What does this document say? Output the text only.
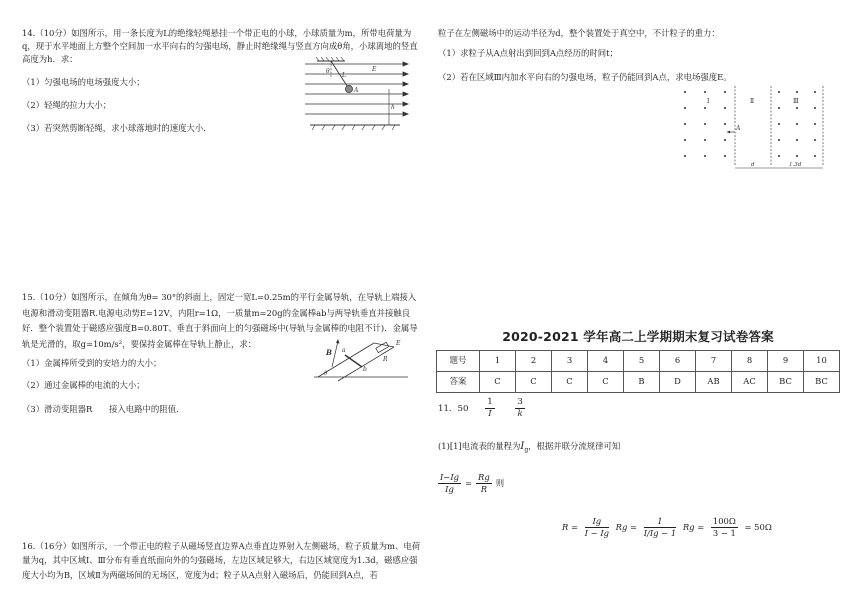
14.（10分）如图所示，用一条长度为L的绝缘轻绳悬挂一个带正电的小球，小球质量为m，所带电荷量为q，现于水平地面上方整个空间加一水平向右的匀强电场，静止时绝缘绳与竖直方向成θ角，小球离地的竖直高度为h．求：

（1）匀强电场的电场强度大小；

（2）轻绳的拉力大小；

（3）若突然剪断轻绳，求小球落地时的速度大小．

θ
L
E
A
h

15.（10分）如图所示，在倾角为θ= 30°的斜面上，固定一宽L=0.25m的平行金属导轨，在导轨上端接入电源和滑动变阻器R.电源电动势E=12V，内阻r=1Ω，一质量m=20g的金属棒ab与两导轨垂直并接触良好．整个装置处于磁感应强度B=0.80T、垂直于斜面向上的匀强磁场中(导轨与金属棒的电阻不计)．金属导轨是光滑的，取g=10m/s²，要保持金属棒在导轨上静止，求：

（1）金属棒所受到的安培力的大小；

（2）通过金属棒的电流的大小；

（3）滑动变阻器R　　接入电路中的阻值．

B a
b
E
R
θ

16.（16分）如图所示，一个带正电的粒子从磁场竖直边界A点垂直边界射入左侧磁场，粒子质量为m、电荷量为q，其中区域Ⅰ、Ⅲ分布有垂直纸面向外的匀强磁场，左边区域足够大，右边区域宽度为1.3d，磁感应强度大小均为B，区域Ⅱ为两磁场间的无场区，宽度为d；粒子从A点射入磁场后，仍能回到A点，若

粒子在左侧磁场中的运动半径为d，整个装置处于真空中，不计粒子的重力：

（1）求粒子从A点射出到回到A点经历的时间t；

（2）若在区域Ⅲ内加水平向右的匀强电场，粒子仍能回到A点，求电场强度E。

Ⅰ	Ⅱ	Ⅲ
A
d	1.3d
2020-2021 学年高二上学期期末复习试卷答案
题号	1	2	3	4	5	6	7	8	9	10
答案	C	C	C	C	B	D	AB	AC	BC	BC
11．$50 \frac{1}{I}$
$\frac{3}{k}$
(1)[1]电流表的量程为$I_g$，根据并联分流规律可知
$\frac{I-Ig}{Ig} = \frac{Rg}{R}$ 则
$R = \frac{Ig}{I - Ig}$ $Rg = \frac{1}{I/Ig - 1}$ $Rg = \frac{100\Omega}{3 - 1} = 50\Omega$
